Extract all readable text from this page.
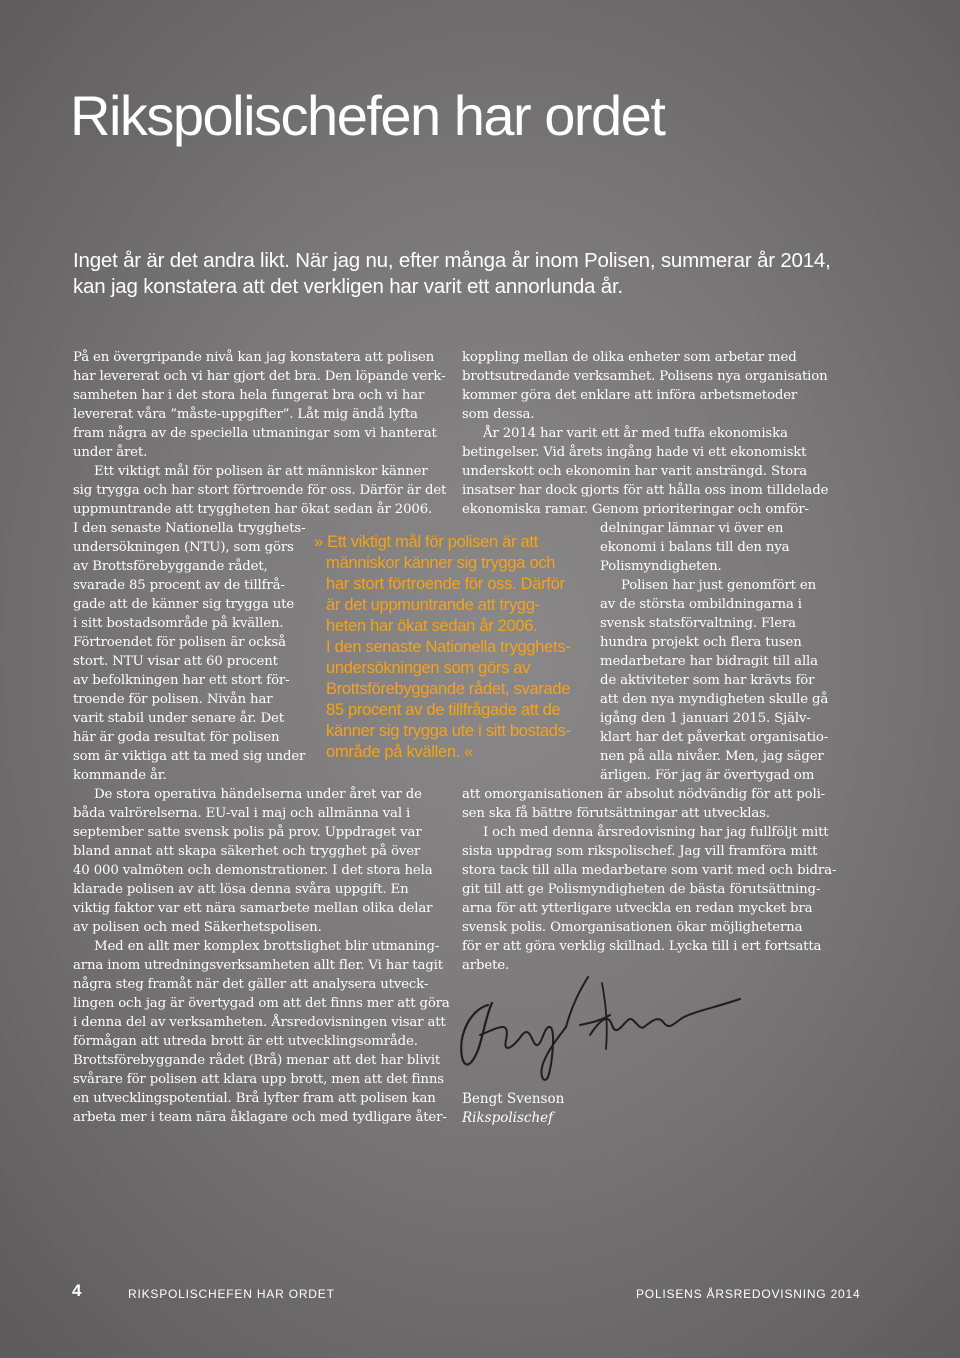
Rikspolischefen har ordet

Inget år är det andra likt. När jag nu, efter många år inom Polisen, summerar år 2014, kan jag konstatera att det verkligen har varit ett annorlunda år.

På en övergripande nivå kan jag konstatera att polisen
har levererat och vi har gjort det bra. Den löpande verk-
samheten har i det stora hela fungerat bra och vi har
levererat våra ”måste-uppgifter”. Låt mig ändå lyfta
fram några av de speciella utmaningar som vi hanterat
under året.
Ett viktigt mål för polisen är att människor känner
sig trygga och har stort förtroende för oss. Därför är det
uppmuntrande att tryggheten har ökat sedan år 2006.
I den senaste Nationella trygghets-
undersökningen (NTU), som görs
av Brottsförebyggande rådet,
svarade 85 procent av de tillfrå-
gade att de känner sig trygga ute
i sitt bostadsområde på kvällen.
Förtroendet för polisen är också
stort. NTU visar att 60 procent
av befolkningen har ett stort för-
troende för polisen. Nivån har
varit stabil under senare år. Det
här är goda resultat för polisen
som är viktiga att ta med sig under
kommande år.
De stora operativa händelserna under året var de
båda valrörelserna. EU-val i maj och allmänna val i
september satte svensk polis på prov. Uppdraget var
bland annat att skapa säkerhet och trygghet på över
40 000 valmöten och demonstrationer. I det stora hela
klarade polisen av att lösa denna svåra uppgift. En
viktig faktor var ett nära samarbete mellan olika delar
av polisen och med Säkerhetspolisen.
Med en allt mer komplex brottslighet blir utmaning-
arna inom utredningsverksamheten allt fler. Vi har tagit
några steg framåt när det gäller att analysera utveck-
lingen och jag är övertygad om att det finns mer att göra
i denna del av verksamheten. Årsredovisningen visar att
förmågan att utreda brott är ett utvecklingsområde.
Brottsförebyggande rådet (Brå) menar att det har blivit
svårare för polisen att klara upp brott, men att det finns
en utvecklingspotential. Brå lyfter fram att polisen kan
arbeta mer i team nära åklagare och med tydligare åter-
» Ett viktigt mål för polisen är att
människor känner sig trygga och
har stort förtroende för oss. Därför
är det uppmuntrande att trygg-
heten har ökat sedan år 2006.
I den senaste Nationella trygghets-
undersökningen som görs av
Brottsförebyggande rådet, svarade
85 procent av de tillfrågade att de
känner sig trygga ute i sitt bostads-
område på kvällen. «
koppling mellan de olika enheter som arbetar med
brottsutredande verksamhet. Polisens nya organisation
kommer göra det enklare att införa arbetsmetoder
som dessa.
År 2014 har varit ett år med tuffa ekonomiska
betingelser. Vid årets ingång hade vi ett ekonomiskt
underskott och ekonomin har varit ansträngd. Stora
insatser har dock gjorts för att hålla oss inom tilldelade
ekonomiska ramar. Genom prioriteringar och omför-
delningar lämnar vi över en
ekonomi i balans till den nya
Polismyndigheten.
Polisen har just genomfört en
av de största ombildningarna i
svensk statsförvaltning. Flera
hundra projekt och flera tusen
medarbetare har bidragit till alla
de aktiviteter som har krävts för
att den nya myndigheten skulle gå
igång den 1 januari 2015. Själv-
klart har det påverkat organisatio-
nen på alla nivåer. Men, jag säger
ärligen. För jag är övertygad om
att omorganisationen är absolut nödvändig för att poli-
sen ska få bättre förutsättningar att utvecklas.
I och med denna årsredovisning har jag fullföljt mitt
sista uppdrag som rikspolischef. Jag vill framföra mitt
stora tack till alla medarbetare som varit med och bidra-
git till att ge Polismyndigheten de bästa förutsättning-
arna för att ytterligare utveckla en redan mycket bra
svensk polis. Omorganisationen ökar möjligheterna
för er att göra verklig skillnad. Lycka till i ert fortsatta
arbete.
Bengt Svenson
Rikspolischef
4	RIKSPOLISCHEFEN HAR ORDET	POLISENS ÅRSREDOVISNING 2014
